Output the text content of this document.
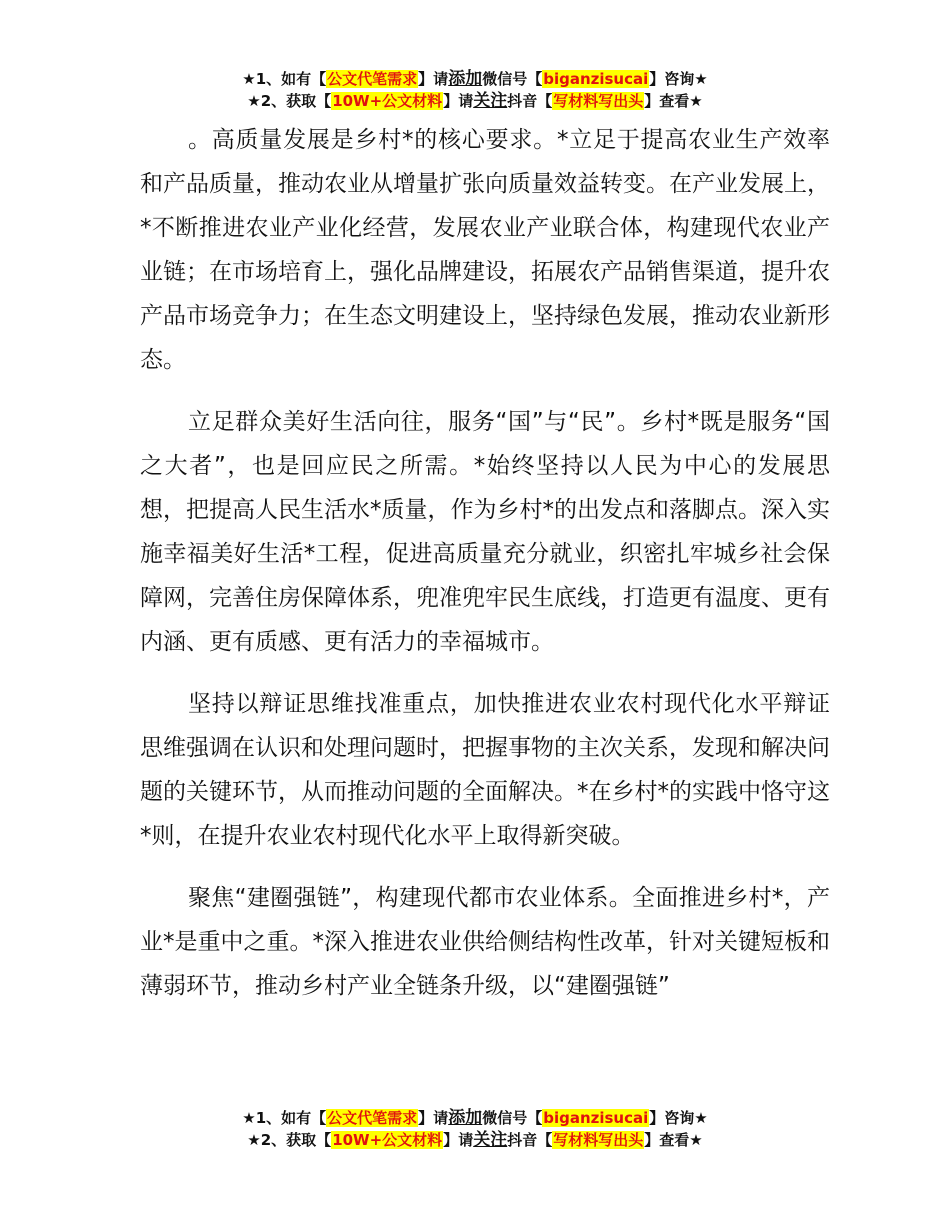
★1、如有【公文代笔需求】请添加微信号【biganzisucai】咨询★
★2、获取【10W+公文材料】请关注抖音【写材料写出头】查看★

。高质量发展是乡村*的核心要求。*立足于提高农业生产效率和产品质量，推动农业从增量扩张向质量效益转变。在产业发展上，*不断推进农业产业化经营，发展农业产业联合体，构建现代农业产业链；在市场培育上，强化品牌建设，拓展农产品销售渠道，提升农产品市场竞争力；在生态文明建设上，坚持绿色发展，推动农业新形态。

立足群众美好生活向往，服务“国”与“民”。乡村*既是服务“国之大者”，也是回应民之所需。*始终坚持以人民为中心的发展思想，把提高人民生活水*质量，作为乡村*的出发点和落脚点。深入实施幸福美好生活*工程，促进高质量充分就业，织密扎牢城乡社会保障网，完善住房保障体系，兜准兜牢民生底线，打造更有温度、更有内涵、更有质感、更有活力的幸福城市。

坚持以辩证思维找准重点，加快推进农业农村现代化水平辩证思维强调在认识和处理问题时，把握事物的主次关系，发现和解决问题的关键环节，从而推动问题的全面解决。*在乡村*的实践中恪守这*则，在提升农业农村现代化水平上取得新突破。

聚焦“建圈强链”，构建现代都市农业体系。全面推进乡村*，产业*是重中之重。*深入推进农业供给侧结构性改革，针对关键短板和薄弱环节，推动乡村产业全链条升级，以“建圈强链”

★1、如有【公文代笔需求】请添加微信号【biganzisucai】咨询★
★2、获取【10W+公文材料】请关注抖音【写材料写出头】查看★
